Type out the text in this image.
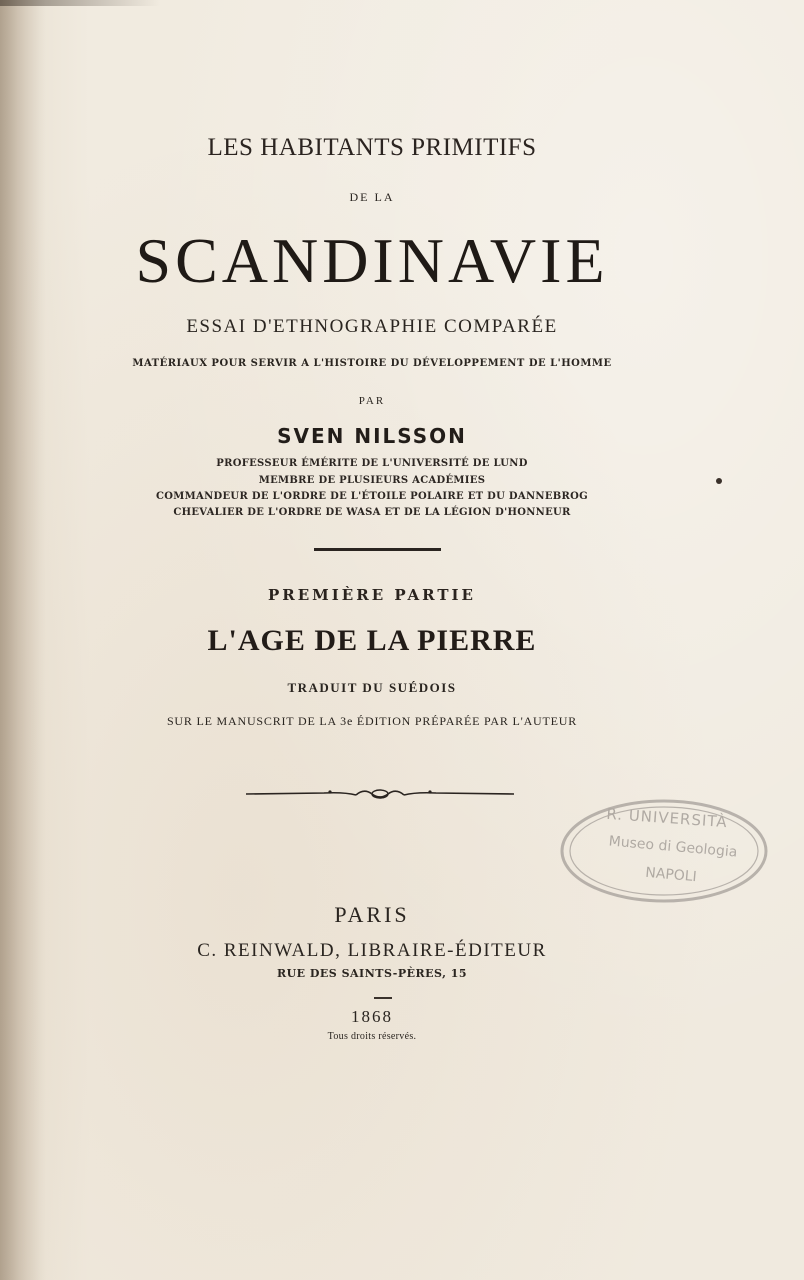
LES HABITANTS PRIMITIFS
DE LA
SCANDINAVIE
ESSAI D'ETHNOGRAPHIE COMPARÉE
MATÉRIAUX POUR SERVIR A L'HISTOIRE DU DÉVELOPPEMENT DE L'HOMME
PAR
SVEN NILSSON
PROFESSEUR ÉMÉRITE DE L'UNIVERSITÉ DE LUND
MEMBRE DE PLUSIEURS ACADÉMIES
COMMANDEUR DE L'ORDRE DE L'ÉTOILE POLAIRE ET DU DANNEBROG
CHEVALIER DE L'ORDRE DE WASA ET DE LA LÉGION D'HONNEUR
PREMIÈRE PARTIE
L'AGE DE LA PIERRE
TRADUIT DU SUÉDOIS
SUR LE MANUSCRIT DE LA 3e ÉDITION PRÉPARÉE PAR L'AUTEUR
R. UNIVERSITÀ
Museo di Geologia
NAPOLI
PARIS
C. REINWALD, LIBRAIRE-ÉDITEUR
RUE DES SAINTS-PÈRES, 15
1868
Tous droits réservés.
